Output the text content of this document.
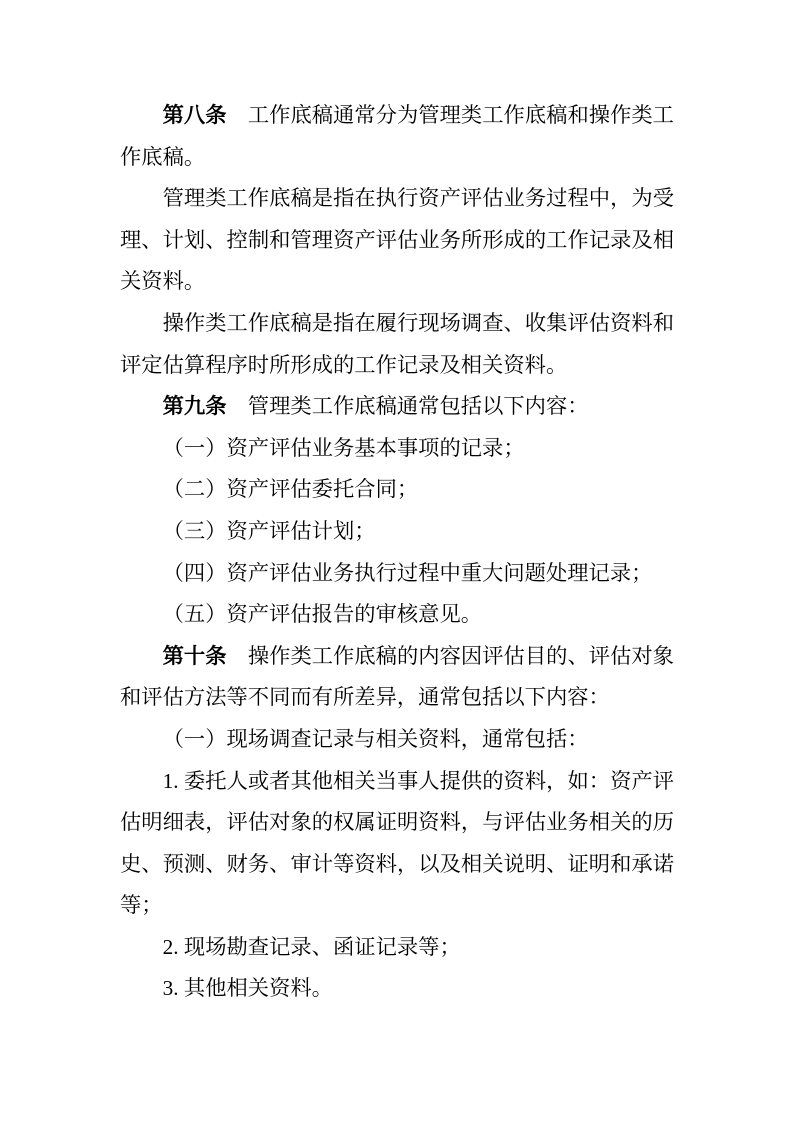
第八条 工作底稿通常分为管理类工作底稿和操作类工作底稿。

管理类工作底稿是指在执行资产评估业务过程中，为受理、计划、控制和管理资产评估业务所形成的工作记录及相关资料。

操作类工作底稿是指在履行现场调查、收集评估资料和评定估算程序时所形成的工作记录及相关资料。

第九条 管理类工作底稿通常包括以下内容：

（一）资产评估业务基本事项的记录；

（二）资产评估委托合同；

（三）资产评估计划；

（四）资产评估业务执行过程中重大问题处理记录；

（五）资产评估报告的审核意见。

第十条 操作类工作底稿的内容因评估目的、评估对象和评估方法等不同而有所差异，通常包括以下内容：

（一）现场调查记录与相关资料，通常包括：

1. 委托人或者其他相关当事人提供的资料，如：资产评估明细表，评估对象的权属证明资料，与评估业务相关的历史、预测、财务、审计等资料，以及相关说明、证明和承诺等；

2. 现场勘查记录、函证记录等；

3. 其他相关资料。
